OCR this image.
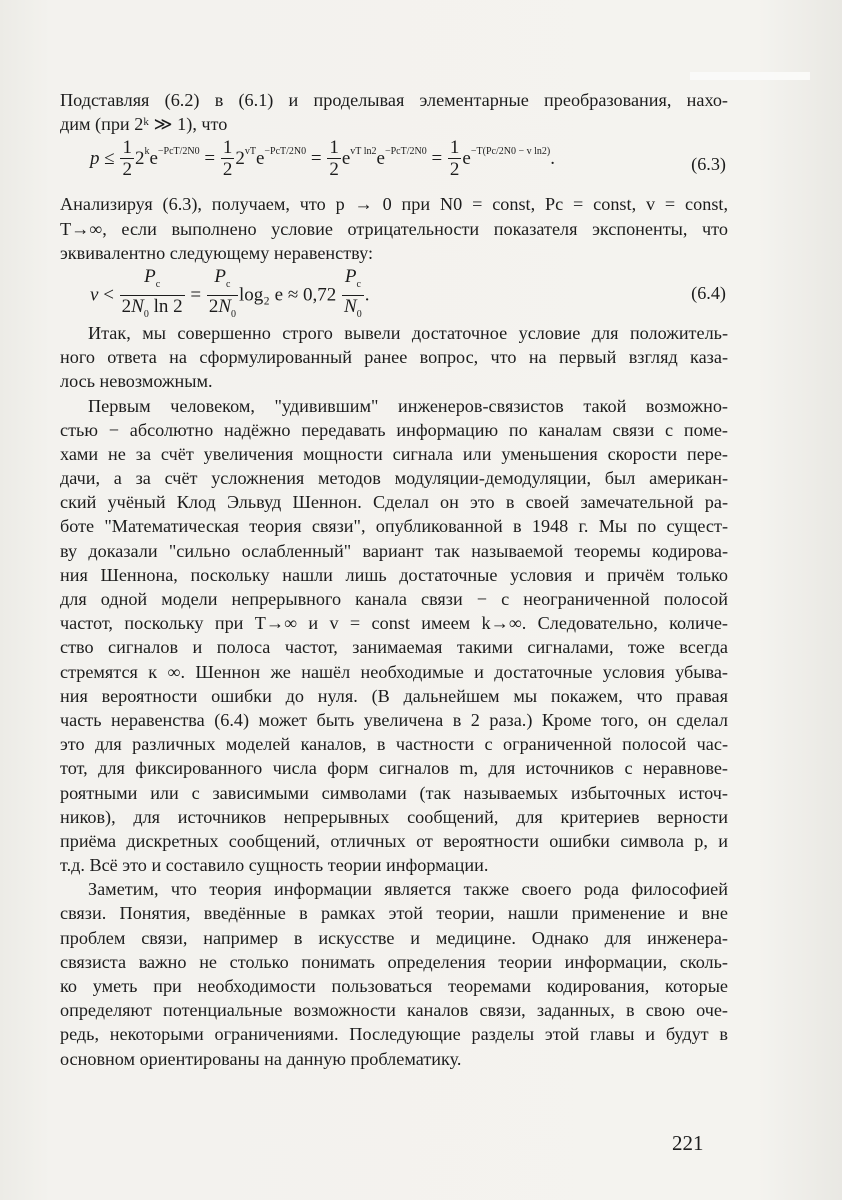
Подставляя (6.2) в (6.1) и проделывая элементарные преобразования, нахо-
дим (при 2ᵏ ≫ 1), что
$p \le \frac{1}{2} 2^ke^{-PcT/2N0} = \frac{1}{2} 2^{vT}e^{-PcT/2N0} = \frac{1}{2} e^{vT ln2}e^{-PcT/2N0} = \frac{1}{2} e^{-T(Pc/2N0 - v ln2)}$.	(6.3)
Анализируя (6.3), получаем, что p → 0 при N0 = const, Pc = const, v = const,
T→∞, если выполнено условие отрицательности показателя экспоненты, что
эквивалентно следующему неравенству:
$v < \frac{P_c}{2N_0 \ln 2} = \frac{P_c}{2N_0} \log_2$ $e \approx 0,72 \frac{P_c}{N_0}$ .	(6.4)
Итак, мы совершенно строго вывели достаточное условие для положитель-
ного ответа на сформулированный ранее вопрос, что на первый взгляд каза-
лось невозможным.
Первым человеком, "удивившим" инженеров-связистов такой возможно-
стью − абсолютно надёжно передавать информацию по каналам связи с поме-
хами не за счёт увеличения мощности сигнала или уменьшения скорости пере-
дачи, а за счёт усложнения методов модуляции-демодуляции, был американ-
ский учёный Клод Эльвуд Шеннон. Сделал он это в своей замечательной ра-
боте "Математическая теория связи", опубликованной в 1948 г. Мы по сущест-
ву доказали "сильно ослабленный" вариант так называемой теоремы кодирова-
ния Шеннона, поскольку нашли лишь достаточные условия и причём только
для одной модели непрерывного канала связи − с неограниченной полосой
частот, поскольку при T→∞ и v = const имеем k→∞. Следовательно, количе-
ство сигналов и полоса частот, занимаемая такими сигналами, тоже всегда
стремятся к ∞. Шеннон же нашёл необходимые и достаточные условия убыва-
ния вероятности ошибки до нуля. (В дальнейшем мы покажем, что правая
часть неравенства (6.4) может быть увеличена в 2 раза.) Кроме того, он сделал
это для различных моделей каналов, в частности с ограниченной полосой час-
тот, для фиксированного числа форм сигналов m, для источников с неравнове-
роятными или с зависимыми символами (так называемых избыточных источ-
ников), для источников непрерывных сообщений, для критериев верности
приёма дискретных сообщений, отличных от вероятности ошибки символа p, и
т.д. Всё это и составило сущность теории информации.
Заметим, что теория информации является также своего рода философией
связи. Понятия, введённые в рамках этой теории, нашли применение и вне
проблем связи, например в искусстве и медицине. Однако для инженера-
связиста важно не столько понимать определения теории информации, сколь-
ко уметь при необходимости пользоваться теоремами кодирования, которые
определяют потенциальные возможности каналов связи, заданных, в свою оче-
редь, некоторыми ограничениями. Последующие разделы этой главы и будут в
основном ориентированы на данную проблематику.
221
